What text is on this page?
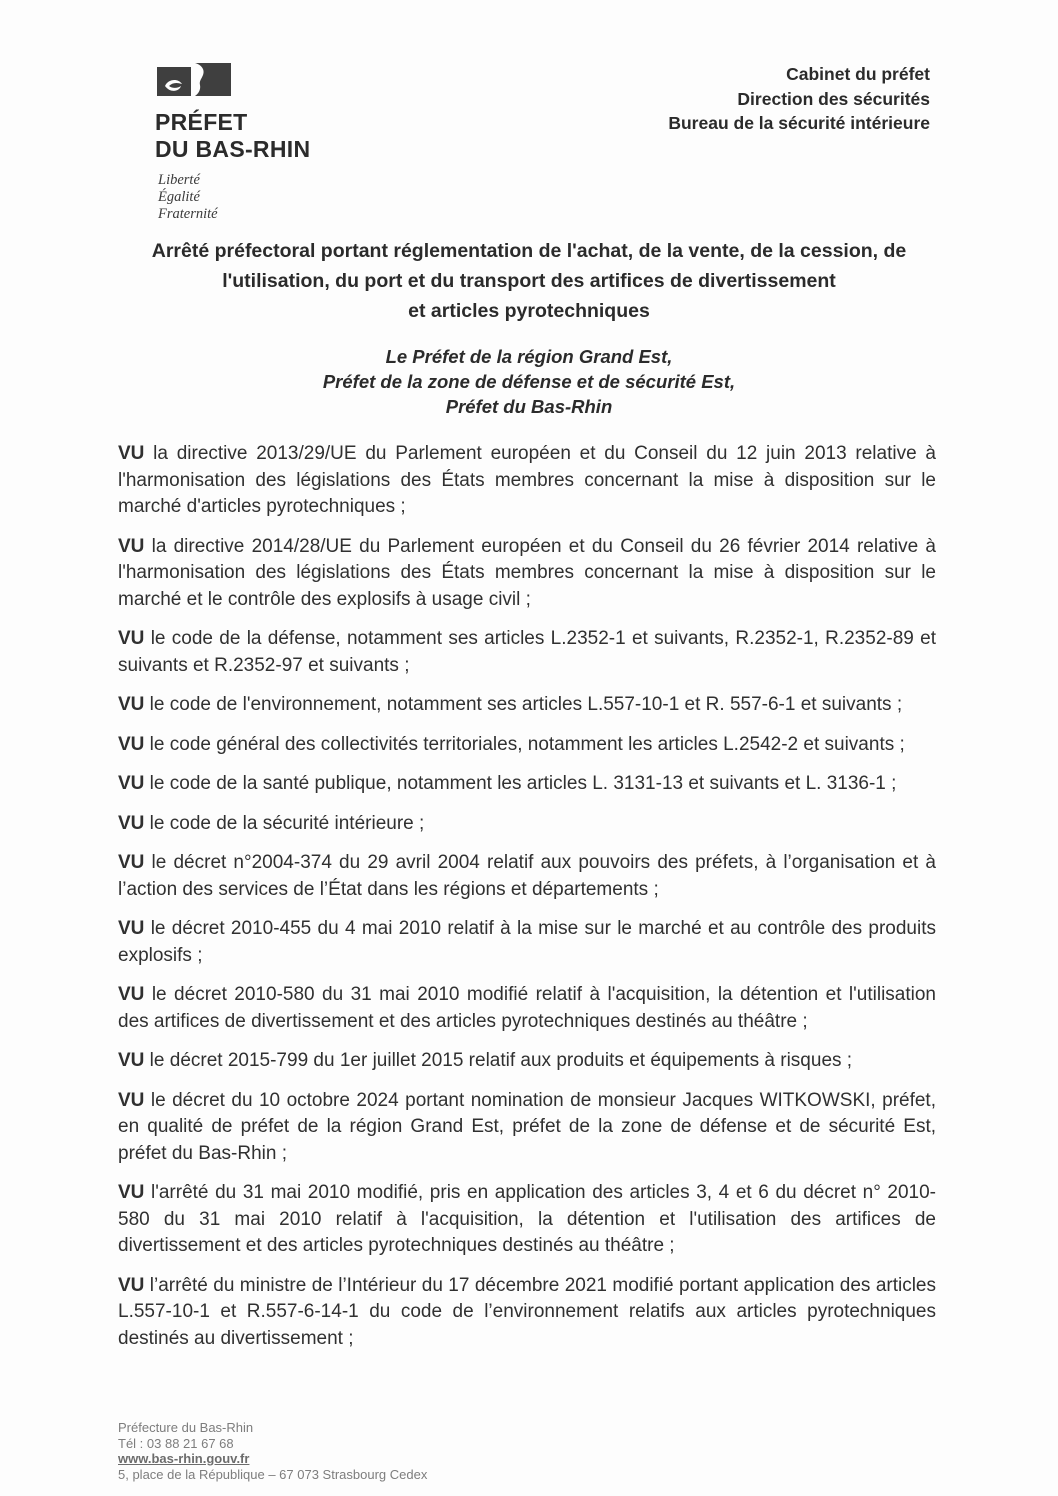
PRÉFET
DU BAS-RHIN
Liberté
Égalité
Fraternité
Cabinet du préfet
Direction des sécurités
Bureau de la sécurité intérieure
Arrêté préfectoral portant réglementation de l'achat, de la vente, de la cession, de
l'utilisation, du port et du transport des artifices de divertissement
et articles pyrotechniques
Le Préfet de la région Grand Est,
Préfet de la zone de défense et de sécurité Est,
Préfet du Bas-Rhin

VU la directive 2013/29/UE du Parlement européen et du Conseil du 12 juin 2013 relative à l'harmonisation des législations des États membres concernant la mise à disposition sur le marché d'articles pyrotechniques ;

VU la directive 2014/28/UE du Parlement européen et du Conseil du 26 février 2014 relative à l'harmonisation des législations des États membres concernant la mise à disposition sur le marché et le contrôle des explosifs à usage civil ;

VU le code de la défense, notamment ses articles L.2352-1 et suivants, R.2352-1, R.2352-89 et suivants et R.2352-97 et suivants ;

VU le code de l'environnement, notamment ses articles L.557-10-1 et R. 557-6-1 et suivants ;

VU le code général des collectivités territoriales, notamment les articles L.2542-2 et suivants ;

VU le code de la santé publique, notamment les articles L. 3131-13 et suivants et L. 3136-1 ;

VU le code de la sécurité intérieure ;

VU le décret n°2004-374 du 29 avril 2004 relatif aux pouvoirs des préfets, à l’organisation et à l’action des services de l’État dans les régions et départements ;

VU le décret 2010-455 du 4 mai 2010 relatif à la mise sur le marché et au contrôle des produits explosifs ;

VU le décret 2010-580 du 31 mai 2010 modifié relatif à l'acquisition, la détention et l'utilisation des artifices de divertissement et des articles pyrotechniques destinés au théâtre ;

VU le décret 2015-799 du 1er juillet 2015 relatif aux produits et équipements à risques ;

VU le décret du 10 octobre 2024 portant nomination de monsieur Jacques WITKOWSKI, préfet, en qualité de préfet de la région Grand Est, préfet de la zone de défense et de sécurité Est, préfet du Bas-Rhin ;

VU l'arrêté du 31 mai 2010 modifié, pris en application des articles 3, 4 et 6 du décret n° 2010-580 du 31 mai 2010 relatif à l'acquisition, la détention et l'utilisation des artifices de divertissement et des articles pyrotechniques destinés au théâtre ;

VU l’arrêté du ministre de l’Intérieur du 17 décembre 2021 modifié portant application des articles L.557-10-1 et R.557-6-14-1 du code de l’environnement relatifs aux articles pyrotechniques destinés au divertissement ;

Préfecture du Bas-Rhin
Tél : 03 88 21 67 68
www.bas-rhin.gouv.fr
5, place de la République – 67 073 Strasbourg Cedex
